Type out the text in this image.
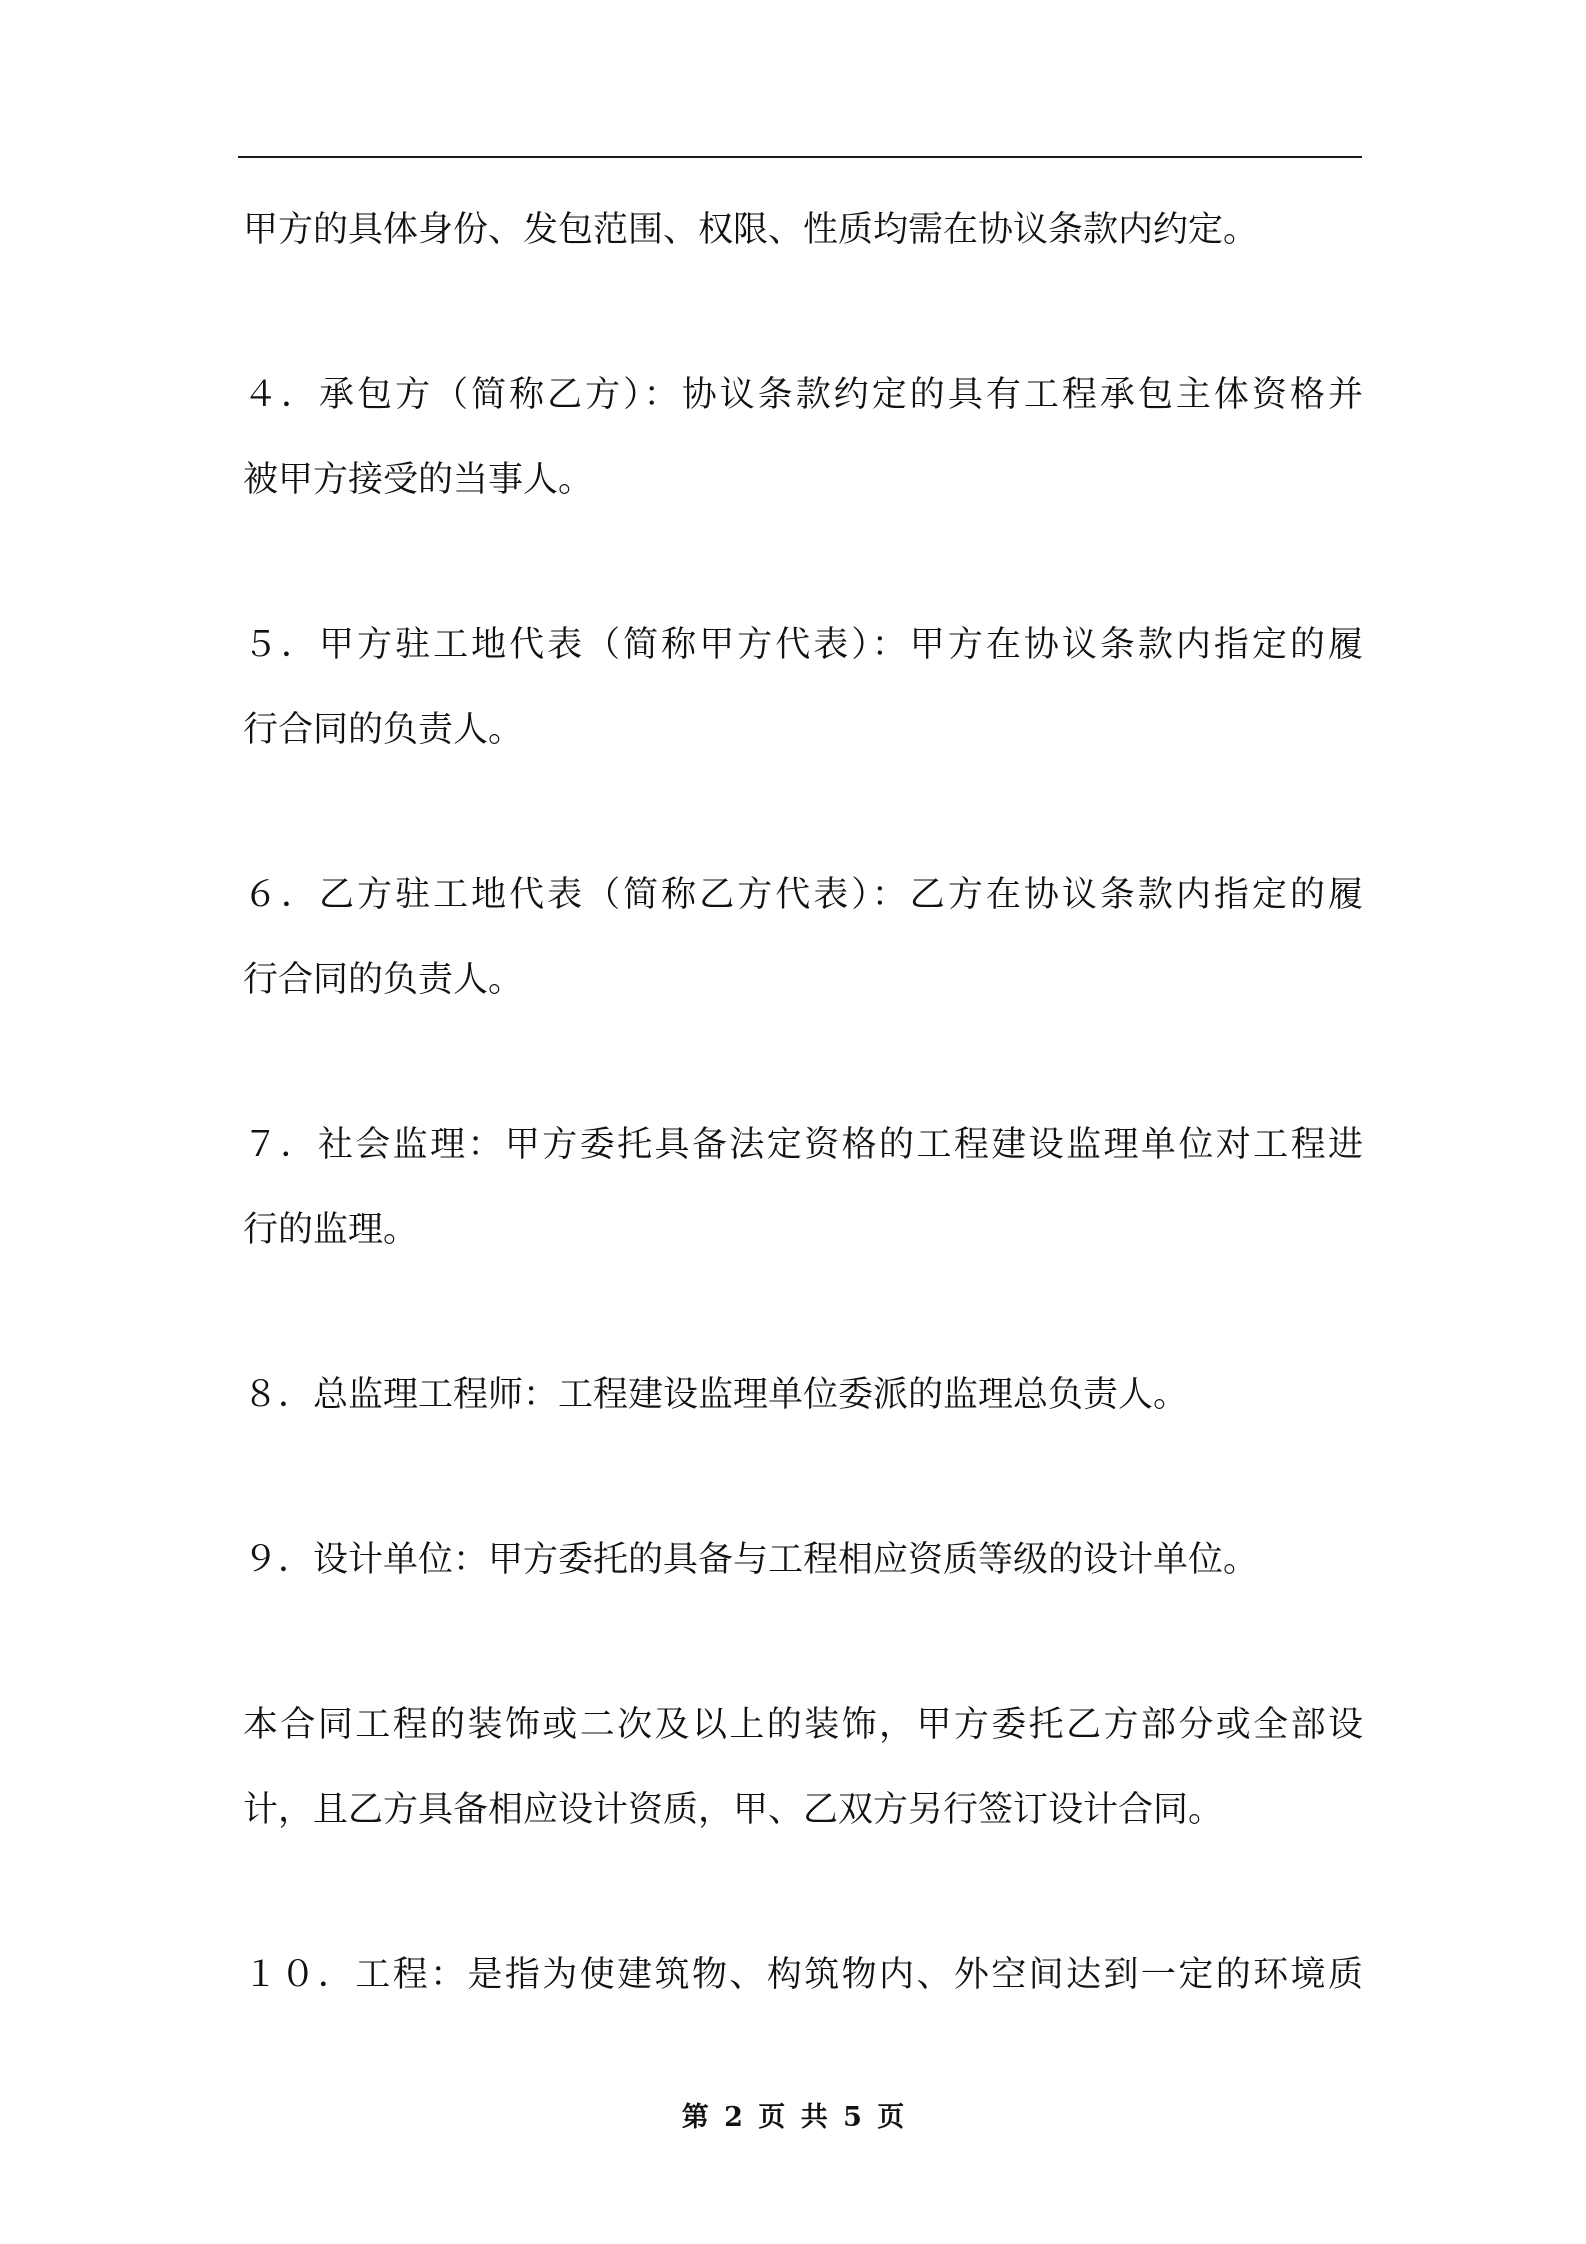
甲方的具体身份、发包范围、权限、性质均需在协议条款内约定。
４．承包方（简称乙方）：协议条款约定的具有工程承包主体资格并
被甲方接受的当事人。
５．甲方驻工地代表（简称甲方代表）：甲方在协议条款内指定的履
行合同的负责人。
６．乙方驻工地代表（简称乙方代表）：乙方在协议条款内指定的履
行合同的负责人。
７．社会监理：甲方委托具备法定资格的工程建设监理单位对工程进
行的监理。
８．总监理工程师：工程建设监理单位委派的监理总负责人。
９．设计单位：甲方委托的具备与工程相应资质等级的设计单位。
本合同工程的装饰或二次及以上的装饰，甲方委托乙方部分或全部设
计，且乙方具备相应设计资质，甲、乙双方另行签订设计合同。
１０．工程：是指为使建筑物、构筑物内、外空间达到一定的环境质
第 2 页 共 5 页
